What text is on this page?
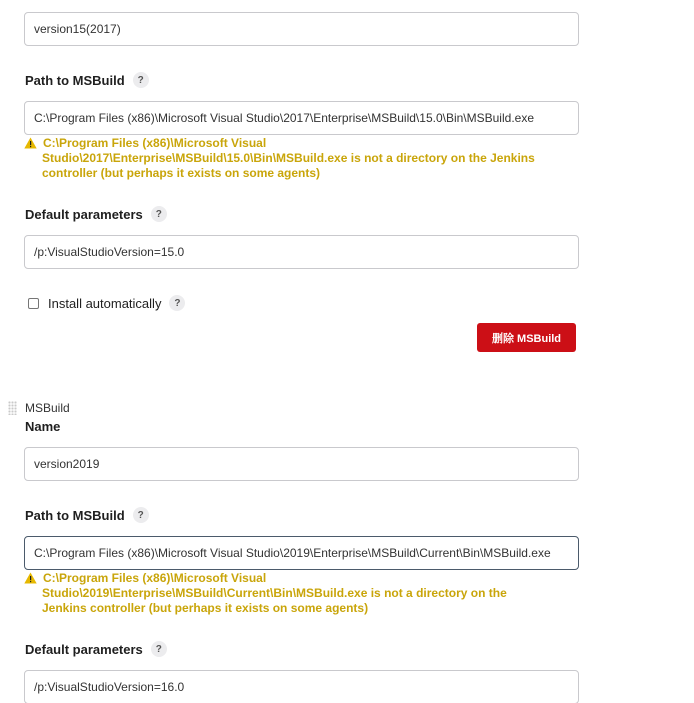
version15(2017)
Path to MSBuild	?
C:\Program Files (x86)\Microsoft Visual Studio\2017\Enterprise\MSBuild\15.0\Bin\MSBuild.exe
C:\Program Files (x86)\Microsoft Visual
Studio\2017\Enterprise\MSBuild\15.0\Bin\MSBuild.exe is not a directory on the Jenkins
controller (but perhaps it exists on some agents)
Default parameters	?
/p:VisualStudioVersion=15.0
Install automatically	?
删除 MSBuild
MSBuild
Name
version2019
Path to MSBuild	?
C:\Program Files (x86)\Microsoft Visual Studio\2019\Enterprise\MSBuild\Current\Bin\MSBuild.exe
C:\Program Files (x86)\Microsoft Visual
Studio\2019\Enterprise\MSBuild\Current\Bin\MSBuild.exe is not a directory on the
Jenkins controller (but perhaps it exists on some agents)
Default parameters	?
/p:VisualStudioVersion=16.0
